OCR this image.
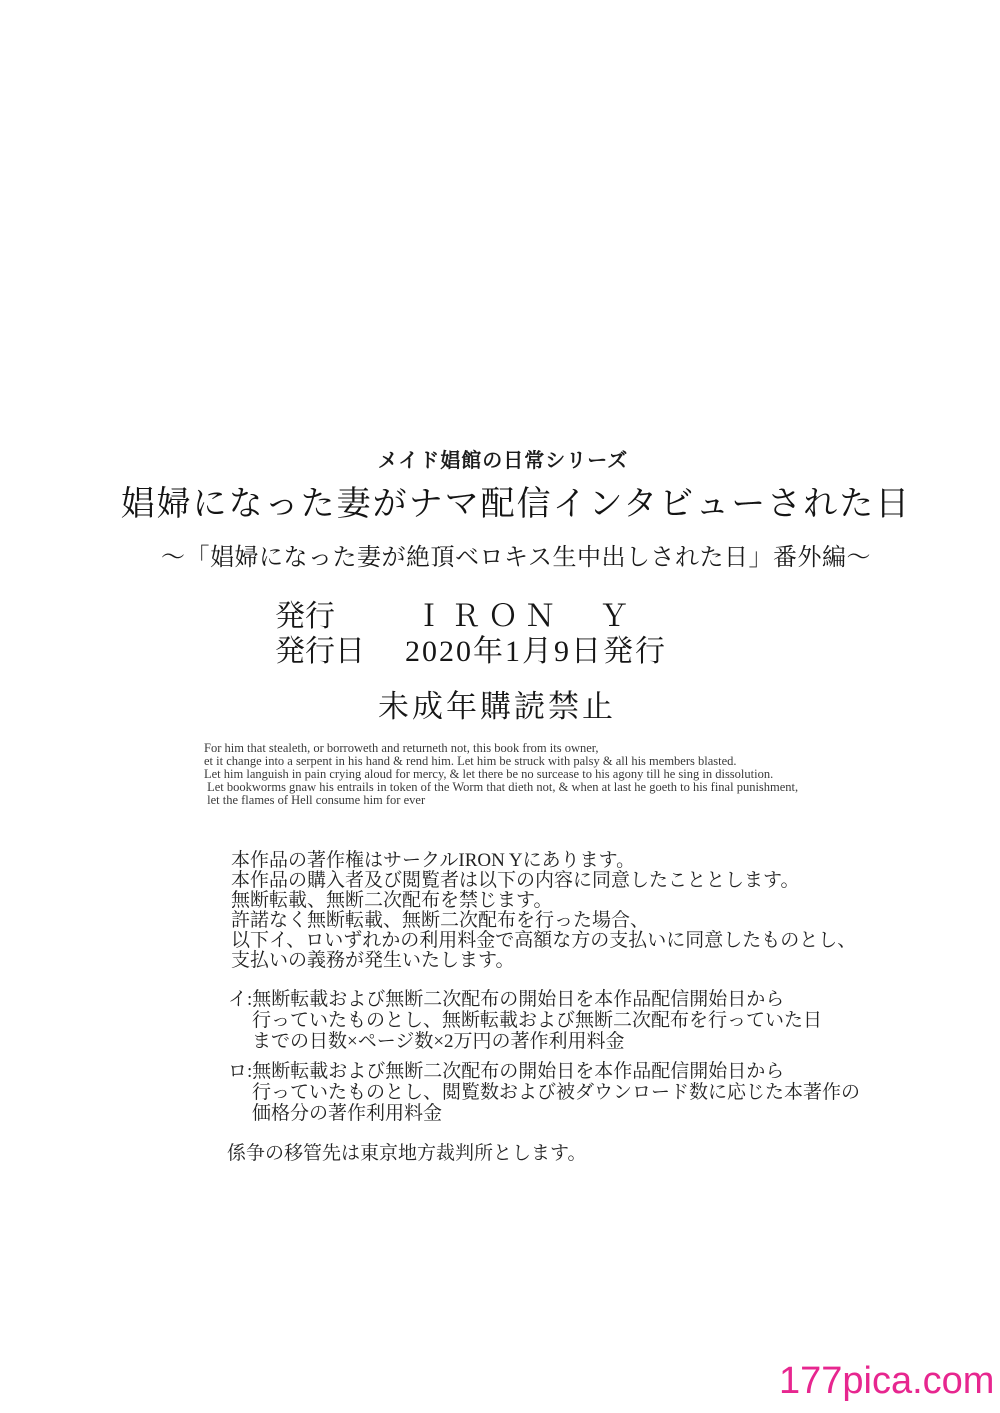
メイド娼館の日常シリーズ
娼婦になった妻がナマ配信インタビューされた日
～「娼婦になった妻が絶頂ベロキス生中出しされた日」番外編～
発行	ＩＲＯＮ　Ｙ
発行日 2020年1月9日発行
未成年購読禁止
For him that stealeth, or borroweth and returneth not, this book from its owner,
et it change into a serpent in his hand & rend him. Let him be struck with palsy & all his members blasted.
Let him languish in pain crying aloud for mercy, & let there be no surcease to his agony till he sing in dissolution.
Let bookworms gnaw his entrails in token of the Worm that dieth not, & when at last he goeth to his final punishment,
let the flames of Hell consume him for ever
本作品の著作権はサークルIRON Yにあります。
本作品の購入者及び閲覧者は以下の内容に同意したこととします。
無断転載、無断二次配布を禁じます。
許諾なく無断転載、無断二次配布を行った場合、
以下イ、ロいずれかの利用料金で高額な方の支払いに同意したものとし、
支払いの義務が発生いたします。
イ:無断転載および無断二次配布の開始日を本作品配信開始日から
行っていたものとし、無断転載および無断二次配布を行っていた日
までの日数×ページ数×2万円の著作利用料金
ロ:無断転載および無断二次配布の開始日を本作品配信開始日から
行っていたものとし、閲覧数および被ダウンロード数に応じた本著作の
価格分の著作利用料金
係争の移管先は東京地方裁判所とします。
177pica.com
